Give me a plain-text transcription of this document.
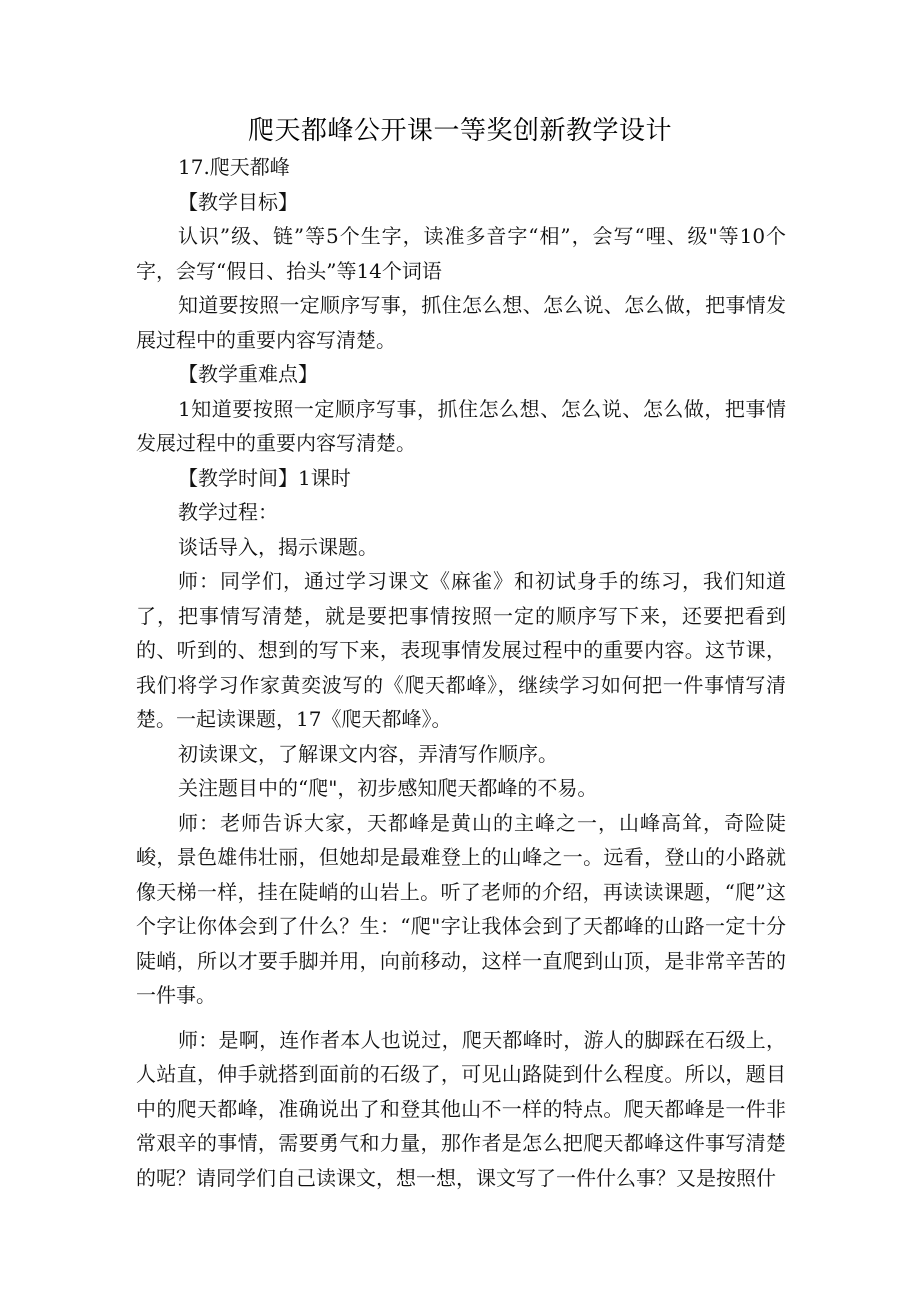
爬天都峰公开课一等奖创新教学设计

17.爬天都峰

【教学目标】

认识”级、链”等5个生字，读准多音字“相”，会写“哩、级"等10个字，会写“假日、抬头”等14个词语

知道要按照一定顺序写事，抓住怎么想、怎么说、怎么做，把事情发展过程中的重要内容写清楚。

【教学重难点】

1知道要按照一定顺序写事，抓住怎么想、怎么说、怎么做，把事情发展过程中的重要内容写清楚。

【教学时间】1课时

教学过程：

谈话导入，揭示课题。

师：同学们，通过学习课文《麻雀》和初试身手的练习，我们知道了，把事情写清楚，就是要把事情按照一定的顺序写下来，还要把看到的、听到的、想到的写下来，表现事情发展过程中的重要内容。这节课，我们将学习作家黄奕波写的《爬天都峰》，继续学习如何把一件事情写清楚。一起读课题，17《爬天都峰》。

初读课文，了解课文内容，弄清写作顺序。

关注题目中的“爬"，初步感知爬天都峰的不易。

师：老师告诉大家，天都峰是黄山的主峰之一，山峰高耸，奇险陡峻，景色雄伟壮丽，但她却是最难登上的山峰之一。远看，登山的小路就像天梯一样，挂在陡峭的山岩上。听了老师的介绍，再读读课题，“爬”这个字让你体会到了什么？生：“爬"字让我体会到了天都峰的山路一定十分陡峭，所以才要手脚并用，向前移动，这样一直爬到山顶，是非常辛苦的一件事。

师：是啊，连作者本人也说过，爬天都峰时，游人的脚踩在石级上，人站直，伸手就搭到面前的石级了，可见山路陡到什么程度。所以，题目中的爬天都峰，准确说出了和登其他山不一样的特点。爬天都峰是一件非常艰辛的事情，需要勇气和力量，那作者是怎么把爬天都峰这件事写清楚的呢？请同学们自己读课文，想一想，课文写了一件什么事？又是按照什
